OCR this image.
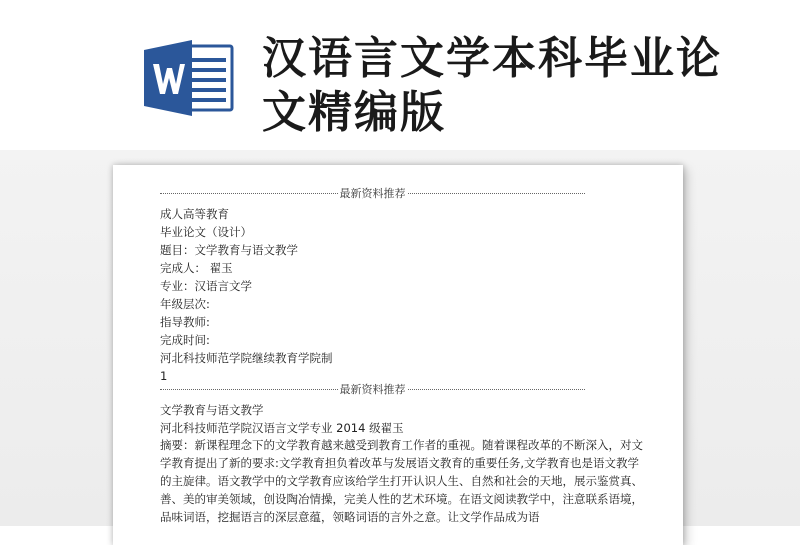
汉语言文学本科毕业论文精编版
最新资料推荐
成人高等教育
毕业论文（设计）
题目：文学教育与语文教学
完成人： 翟玉
专业：汉语言文学
年级层次:
指导教师:
完成时间:
河北科技师范学院继续教育学院制
1
最新资料推荐
文学教育与语文教学
河北科技师范学院汉语言文学专业 2014 级翟玉
摘要：新课程理念下的文学教育越来越受到教育工作者的重视。随着课程改革的不断深入，对文学教育提出了新的要求:文学教育担负着改革与发展语文教育的重要任务,文学教育也是语文教学的主旋律。语文教学中的文学教育应该给学生打开认识人生、自然和社会的天地，展示鉴赏真、善、美的审美领域，创设陶冶情操，完美人性的艺术环境。在语文阅读教学中，注意联系语境，品味词语，挖掘语言的深层意蕴，领略词语的言外之意。让文学作品成为语
